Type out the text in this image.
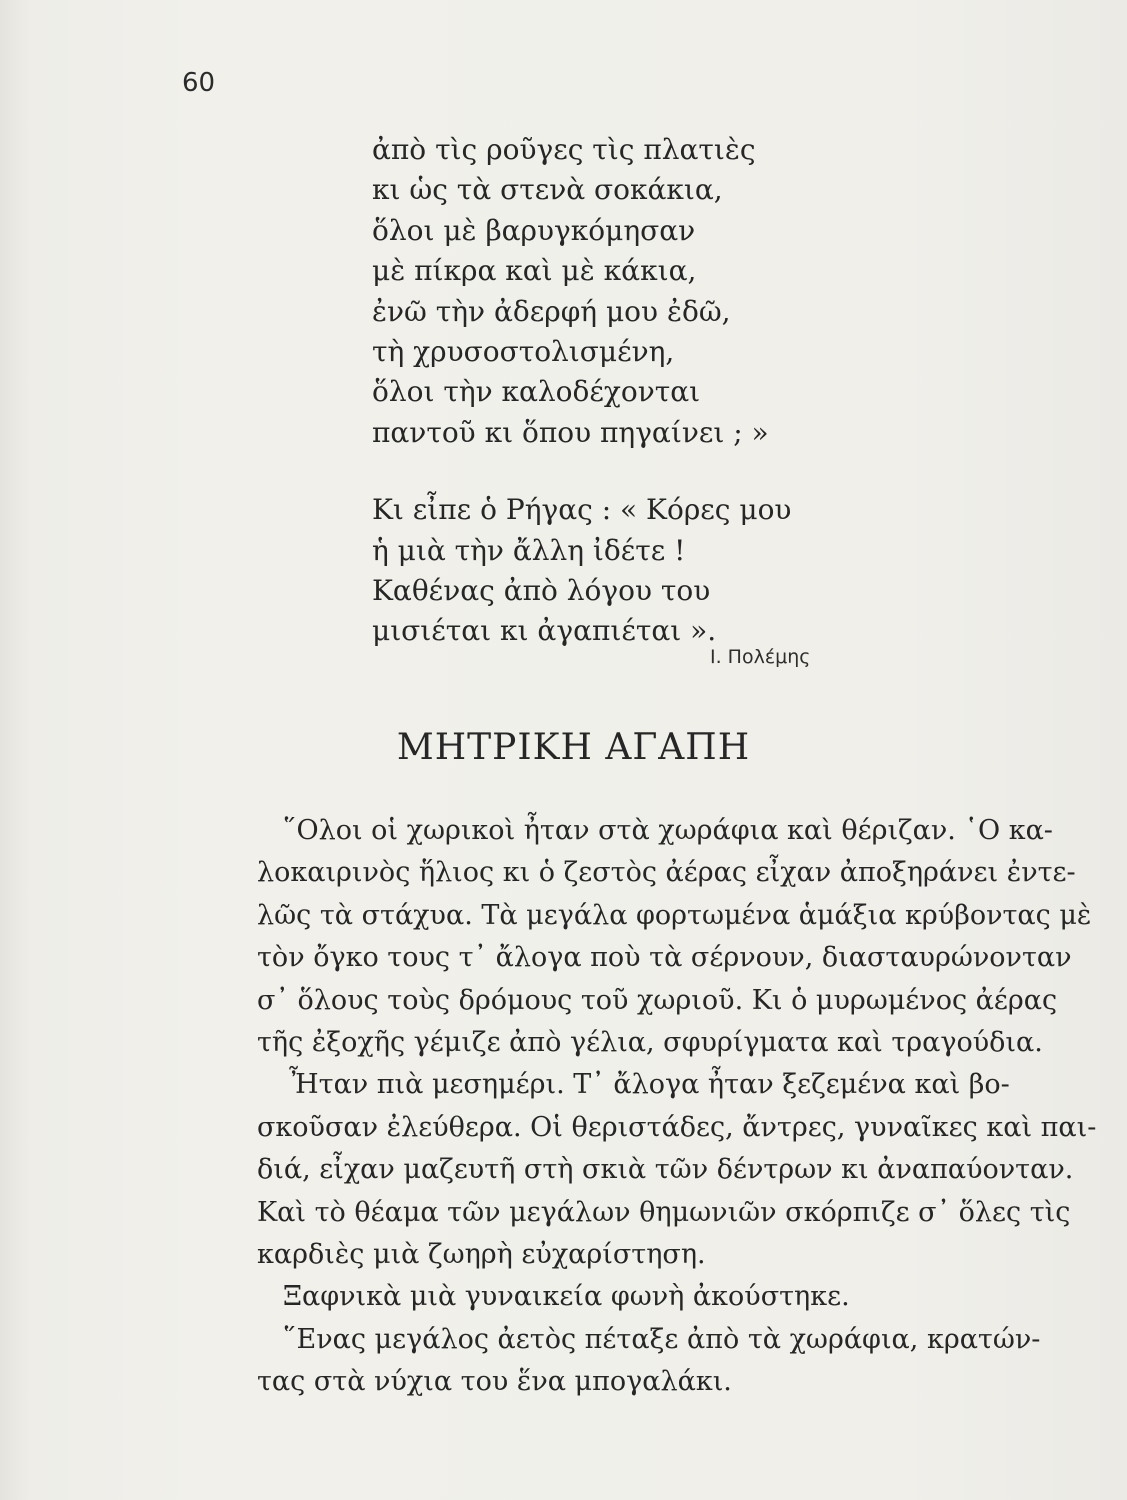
60
ἀπὸ τὶς ροῦγες τὶς πλατιὲς
κι ὡς τὰ στενὰ σοκάκια,
ὅλοι μὲ βαρυγκόμησαν
μὲ πίκρα καὶ μὲ κάκια,
ἐνῶ τὴν ἀδερφή μου ἐδῶ,
τὴ χρυσοστολισμένη,
ὅλοι τὴν καλοδέχονται
παντοῦ κι ὅπου πηγαίνει ; »
Κι εἶπε ὁ Ρήγας : « Κόρες μου
ἡ μιὰ τὴν ἄλλη ἰδέτε !
Καθένας ἀπὸ λόγου του
μισιέται κι ἀγαπιέται ».
Ι. Πολέμης
ΜΗΤΡΙΚΗ ΑΓΑΠΗ
῞Ολοι οἱ χωρικοὶ ἦταν στὰ χωράφια καὶ θέριζαν. ῾Ο κα-
λοκαιρινὸς ἥλιος κι ὁ ζεστὸς ἀέρας εἶχαν ἀποξηράνει ἐντε-
λῶς τὰ στάχυα. Τὰ μεγάλα φορτωμένα ἁμάξια κρύβοντας μὲ
τὸν ὄγκο τους τ᾽ ἄλογα ποὺ τὰ σέρνουν, διασταυρώνονταν
σ᾽ ὅλους τοὺς δρόμους τοῦ χωριοῦ. Κι ὁ μυρωμένος ἀέρας
τῆς ἐξοχῆς γέμιζε ἀπὸ γέλια, σφυρίγματα καὶ τραγούδια.
Ἦταν πιὰ μεσημέρι. Τ᾽ ἄλογα ἦταν ξεζεμένα καὶ βο-
σκοῦσαν ἐλεύθερα. Οἱ θεριστάδες, ἄντρες, γυναῖκες καὶ παι-
διά, εἶχαν μαζευτῆ στὴ σκιὰ τῶν δέντρων κι ἀναπαύονταν.
Καὶ τὸ θέαμα τῶν μεγάλων θημωνιῶν σκόρπιζε σ᾽ ὅλες τὶς
καρδιὲς μιὰ ζωηρὴ εὐχαρίστηση.
Ξαφνικὰ μιὰ γυναικεία φωνὴ ἀκούστηκε.
῞Ενας μεγάλος ἀετὸς πέταξε ἀπὸ τὰ χωράφια, κρατών-
τας στὰ νύχια του ἕνα μπογαλάκι.
